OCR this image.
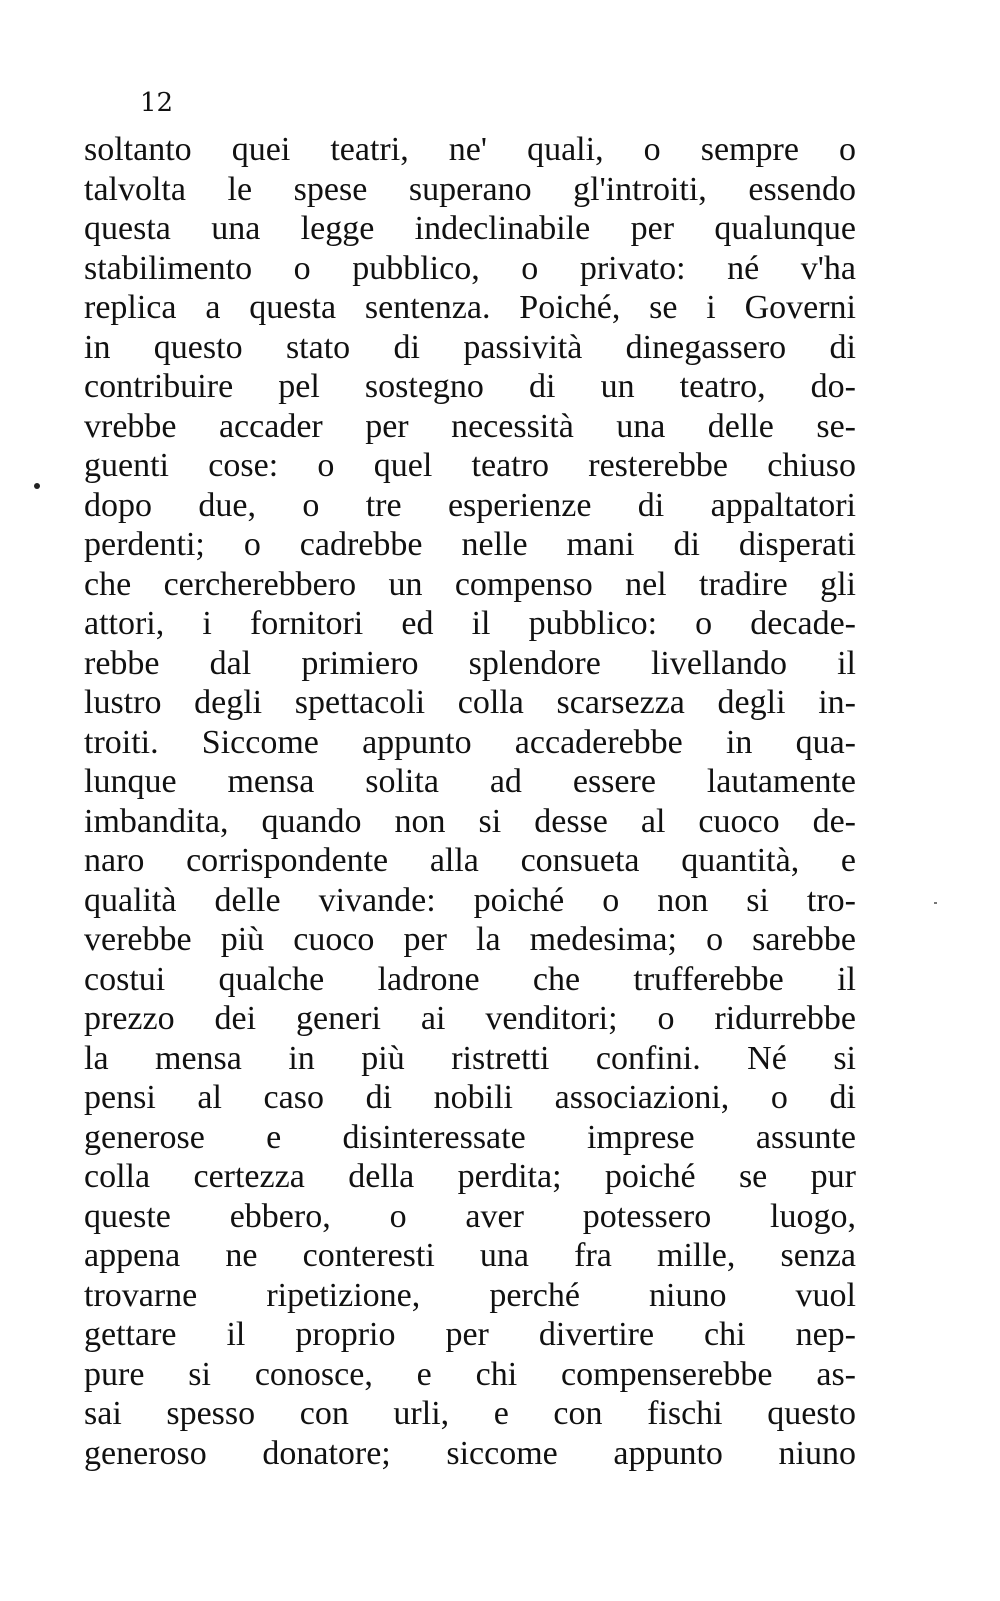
12
soltanto quei teatri, ne' quali, o sempre o
talvolta le spese superano gl'introiti, essendo
questa una legge indeclinabile per qualunque
stabilimento o pubblico, o privato: né v'ha
replica a questa sentenza. Poiché, se i Governi
in questo stato di passività dinegassero di
contribuire pel sostegno di un teatro, do-
vrebbe accader per necessità una delle se-
guenti cose: o quel teatro resterebbe chiuso
dopo due, o tre esperienze di appaltatori
perdenti; o cadrebbe nelle mani di disperati
che cercherebbero un compenso nel tradire gli
attori, i fornitori ed il pubblico: o decade-
rebbe dal primiero splendore livellando il
lustro degli spettacoli colla scarsezza degli in-
troiti. Siccome appunto accaderebbe in qua-
lunque mensa solita ad essere lautamente
imbandita, quando non si desse al cuoco de-
naro corrispondente alla consueta quantità, e
qualità delle vivande: poiché o non si tro-
verebbe più cuoco per la medesima; o sarebbe
costui qualche ladrone che trufferebbe il
prezzo dei generi ai venditori; o ridurrebbe
la mensa in più ristretti confini. Né si
pensi al caso di nobili associazioni, o di
generose e disinteressate imprese assunte
colla certezza della perdita; poiché se pur
queste ebbero, o aver potessero luogo,
appena ne conteresti una fra mille, senza
trovarne ripetizione, perché niuno vuol
gettare il proprio per divertire chi nep-
pure si conosce, e chi compenserebbe as-
sai spesso con urli, e con fischi questo
generoso donatore; siccome appunto niuno
